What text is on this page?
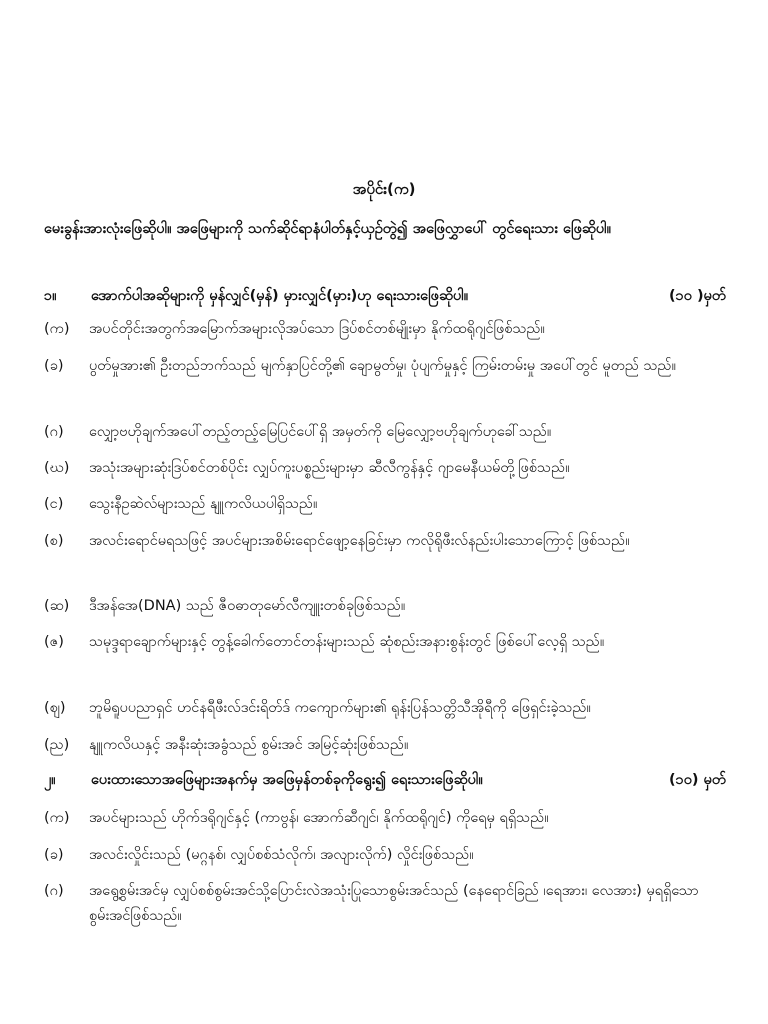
အပိုင်း(က)
မေးခွန်းအားလုံးဖြေဆိုပါ။ အဖြေများကို သက်ဆိုင်ရာနံပါတ်နှင့်ယှဉ်တွဲ၍ အဖြေလွှာပေါ် တွင်ရေးသား ဖြေဆိုပါ။
၁။ အောက်ပါအဆိုများကို မှန်လျှင်(မှန်) မှားလျှင်(မှား)ဟု ရေးသားဖြေဆိုပါ။	(၁၀ )မှတ်
(က) အပင်တိုင်းအတွက်အမြောက်အများလိုအပ်သော ဒြပ်စင်တစ်မျိုးမှာ နိုက်ထရိုဂျင်ဖြစ်သည်။
(ခ) ပွတ်မှုအား၏ ဦးတည်ဘက်သည် မျက်နှာပြင်တို့၏ ချောမွတ်မှု၊ ပုံပျက်မှုနှင့် ကြမ်းတမ်းမှု အပေါ်တွင် မူတည် သည်။
(ဂ) လျှော့ဗဟိုချက်အပေါ်တည့်တည့်မြေပြင်ပေါ်ရှိ အမှတ်ကို မြေလျှော့ဗဟိုချက်ဟုခေါ်သည်။
(ဃ) အသုံးအများဆုံးဒြပ်စင်တစ်ပိုင်း လျှပ်ကူးပစ္စည်းများမှာ ဆီလီကွန်နှင့် ဂျာမေနီယမ်တို့ဖြစ်သည်။
(င) သွေးနီဥဆဲလ်များသည် နျူကလိယပါရှိသည်။
(စ) အလင်းရောင်မရသဖြင့် အပင်များအစိမ်းရောင်ဖျော့နေခြင်းမှာ ကလိုရိုဖီးလ်နည်းပါးသောကြောင့် ဖြစ်သည်။
(ဆ) ဒီအန်အေ(DNA) သည် ဇီဝဓာတုမော်လီကျူးတစ်ခုဖြစ်သည်။
(ဇ) သမုဒ္ဒရာချောက်များနှင့် တွန့်ခေါက်တောင်တန်းများသည် ဆုံစည်းအနားစွန်းတွင် ဖြစ်ပေါ်လေ့ရှိ သည်။
(ဈ) ဘူမိရူပပညာရှင် ဟင်နရီဖီးလ်ဒင်းရိတ်ဒ် ကကျောက်များ၏ ရုန်းပြန်သတ္တိသီအိုရီကို ဖြေရှင်းခဲ့သည်။
(ည) နျူကလိယနှင့် အနီးဆုံးအခွံသည် စွမ်းအင် အမြင့်ဆုံးဖြစ်သည်။
၂။ ပေးထားသောအဖြေများအနက်မှ အဖြေမှန်တစ်ခုကိုရွေး၍ ရေးသားဖြေဆိုပါ။	(၁၀) မှတ်
(က) အပင်များသည် ဟိုက်ဒရိုဂျင်နှင့် (ကာဗွန်၊ အောက်ဆီဂျင်၊ နိုက်ထရိုဂျင်) ကိုရေမှ ရရှိသည်။
(ခ) အလင်းလှိုင်းသည် (မဂ္ဂနစ်၊ လျှပ်စစ်သံလိုက်၊ အလျားလိုက်) လှိုင်းဖြစ်သည်။
(ဂ) အရွေ့စွမ်းအင်မှ လျှပ်စစ်စွမ်းအင်သို့ပြောင်းလဲအသုံးပြုသောစွမ်းအင်သည် (နေရောင်ခြည် ၊ရေအား၊ လေအား) မှရရှိသောစွမ်းအင်ဖြစ်သည်။
